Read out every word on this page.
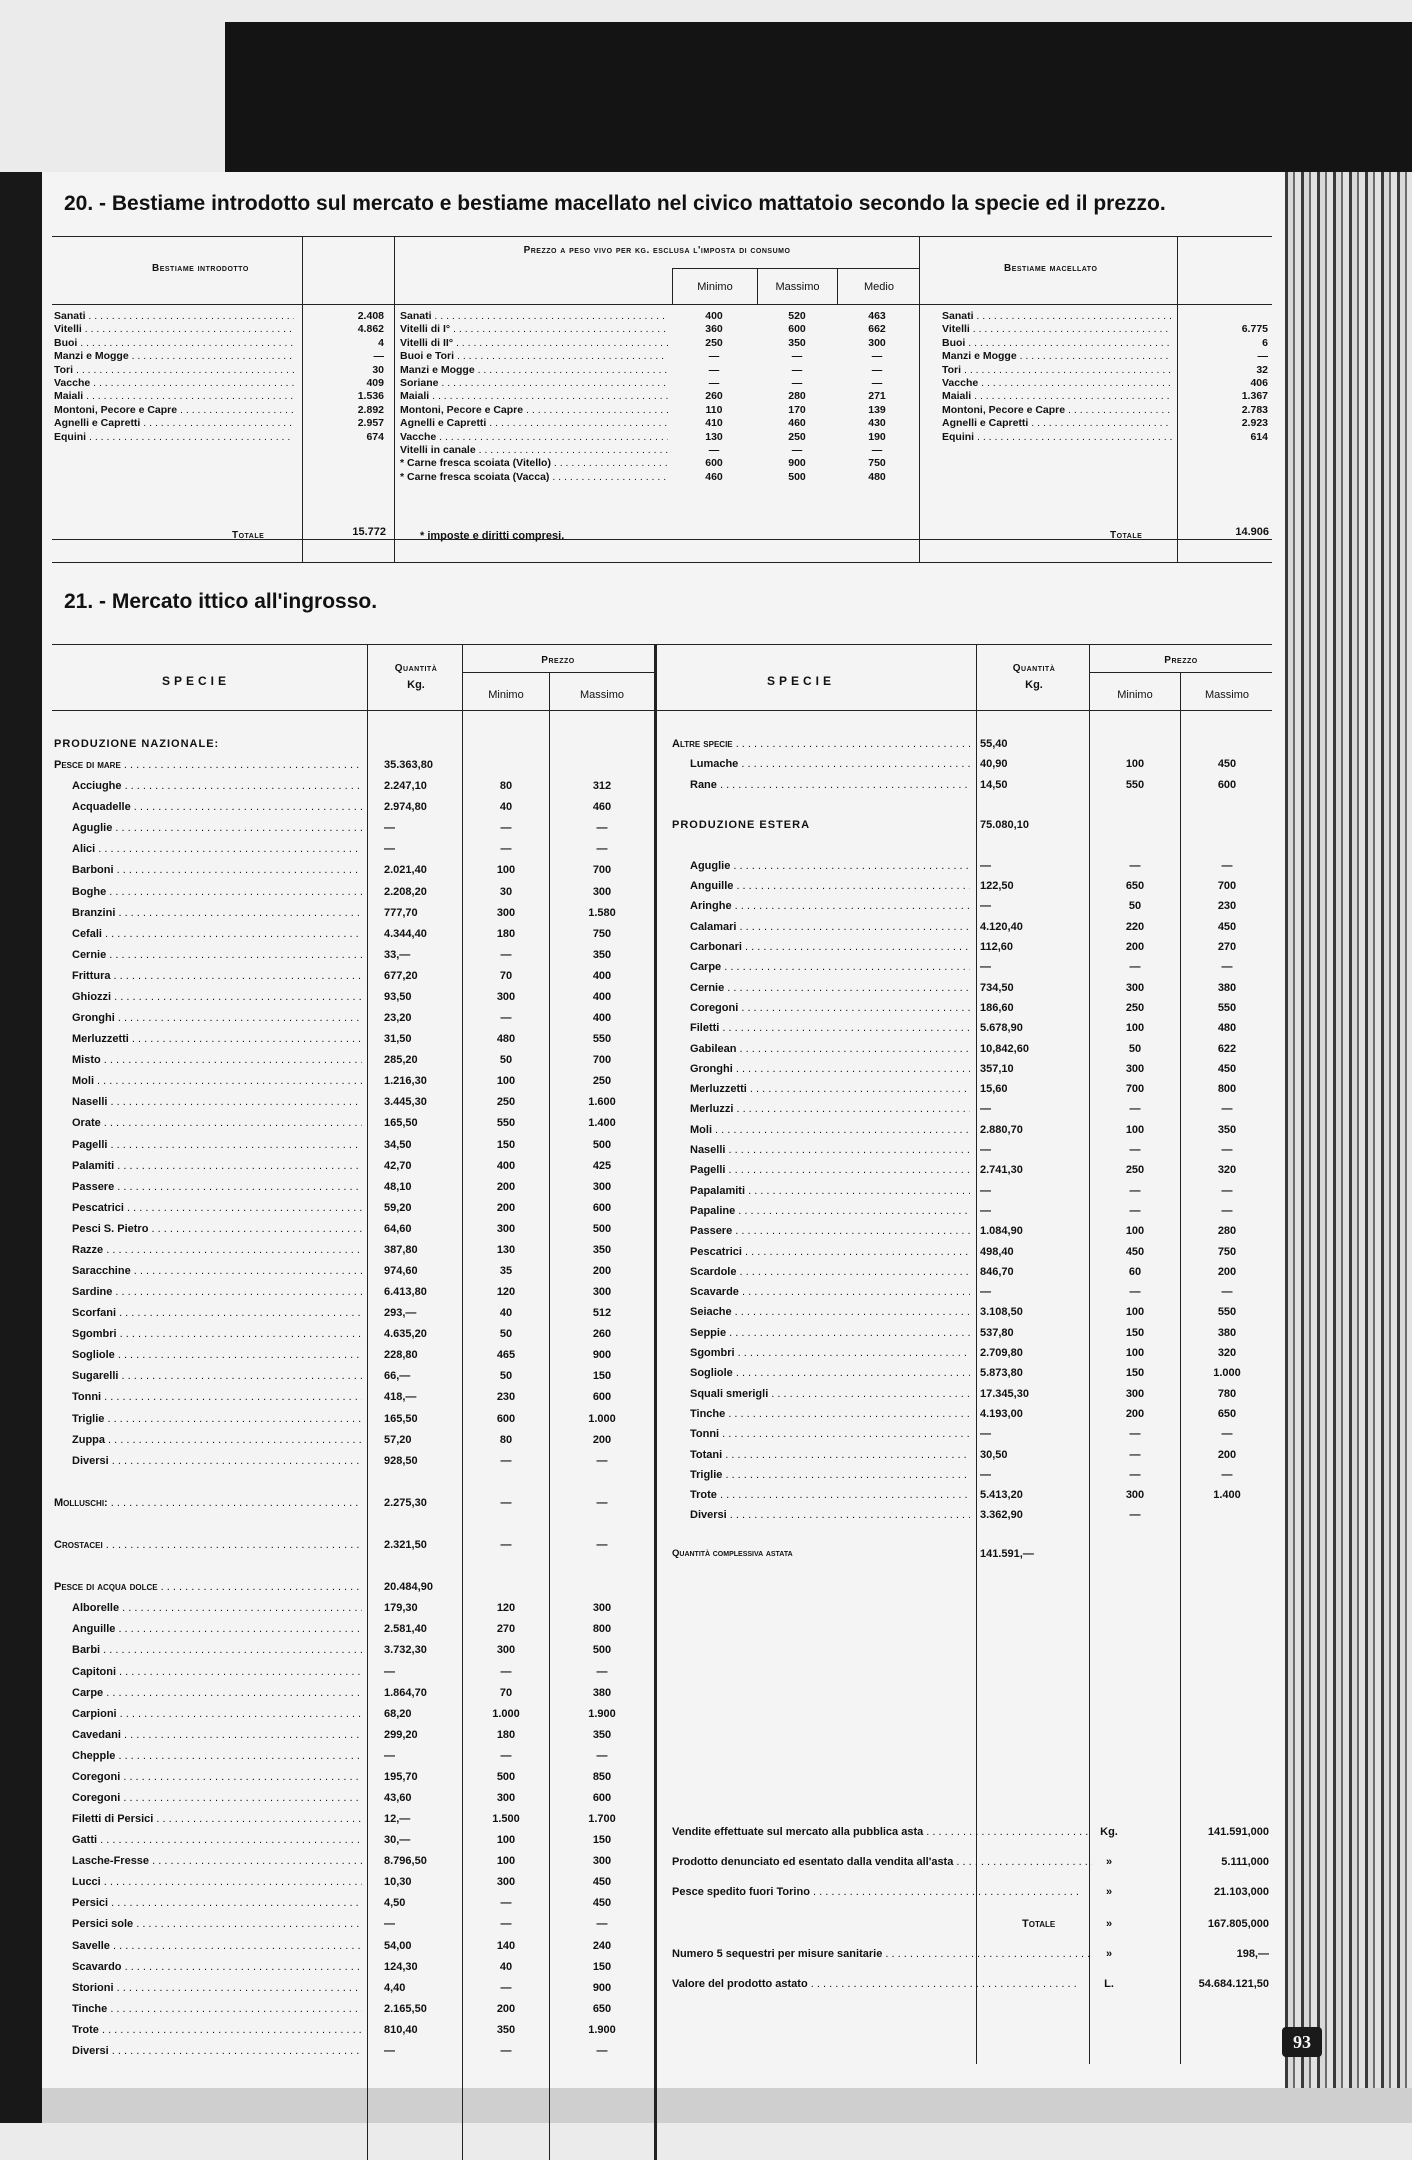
20. - Bestiame introdotto sul mercato e bestiame macellato nel civico mattatoio secondo la specie ed il prezzo.
Bestiame introdotto
Prezzo a peso vivo per kg. esclusa l'imposta di consumo
Minimo	Massimo	Medio
Bestiame macellato
Sanati . . .	2.408
Vitelli . . .	4.862
Buoi . . .	4
Manzi e Mogge . . .	—
Tori . . .	30
Vacche . . .	409
Maiali . . .	1.536
Montoni, Pecore e Capre . . .	2.892
Agnelli e Capretti . . .	2.957
Equini . . .	674
Sanati . . .	400	520	463
Vitelli di I° . . .	360	600	662
Vitelli di II° . . .	250	350	300
Buoi e Tori . . .	—	—	—
Manzi e Mogge . . .	—	—	—
Soriane . . .	—	—	—
Maiali . . .	260	280	271
Montoni, Pecore e Capre . . .	110	170	139
Agnelli e Capretti . . .	410	460	430
Vacche . . .	130	250	190
Vitelli in canale . . .	—	—	—
* Carne fresca scoiata (Vitello) . . .	600	900	750
* Carne fresca scoiata (Vacca) . . .	460	500	480
Sanati . . .
Vitelli . . .	6.775
Buoi . . .	6
Manzi e Mogge . . .	—
Tori . . .	32
Vacche . . .	406
Maiali . . .	1.367
Montoni, Pecore e Capre . . .	2.783
Agnelli e Capretti . . .	2.923
Equini . . .	614
Totale	15.772	* imposte e diritti compresi.	Totale	14.906
21. - Mercato ittico all'ingrosso.
SPECIE
Quantità
Kg.
Prezzo
Minimo	Massimo
SPECIE
Quantità
Kg.
Prezzo
Minimo	Massimo
PRODUZIONE NAZIONALE:
Pesce di mare . . .	35.363,80
Acciughe . . .	2.247,10	80	312
Acquadelle . . .	2.974,80	40	460
Aguglie . . .	—	—	—
Alici . . .	—	—	—
Barboni . . .	2.021,40	100	700
Boghe . . .	2.208,20	30	300
Branzini . . .	777,70	300	1.580
Cefali . . .	4.344,40	180	750
Cernie . . .	33,—	—	350
Frittura . . .	677,20	70	400
Ghiozzi . . .	93,50	300	400
Gronghi . . .	23,20	—	400
Merluzzetti . . .	31,50	480	550
Misto . . .	285,20	50	700
Moli . . .	1.216,30	100	250
Naselli . . .	3.445,30	250	1.600
Orate . . .	165,50	550	1.400
Pagelli . . .	34,50	150	500
Palamiti . . .	42,70	400	425
Passere . . .	48,10	200	300
Pescatrici . . .	59,20	200	600
Pesci S. Pietro . . .	64,60	300	500
Razze . . .	387,80	130	350
Saracchine . . .	974,60	35	200
Sardine . . .	6.413,80	120	300
Scorfani . . .	293,—	40	512
Sgombri . . .	4.635,20	50	260
Sogliole . . .	228,80	465	900
Sugarelli . . .	66,—	50	150
Tonni . . .	418,—	230	600
Triglie . . .	165,50	600	1.000
Zuppa . . .	57,20	80	200
Diversi . . .	928,50	—	—
Molluschi: . . .	2.275,30	—	—
Crostacei . . .	2.321,50	—	—
Pesce di acqua dolce . . .	20.484,90
Alborelle . . .	179,30	120	300
Anguille . . .	2.581,40	270	800
Barbi . . .	3.732,30	300	500
Capitoni . . .	—	—	—
Carpe . . .	1.864,70	70	380
Carpioni . . .	68,20	1.000	1.900
Cavedani . . .	299,20	180	350
Chepple . . .	—	—	—
Coregoni . . .	195,70	500	850
Coregoni . . .	43,60	300	600
Filetti di Persici . . .	12,—	1.500	1.700
Gatti . . .	30,—	100	150
Lasche-Fresse . . .	8.796,50	100	300
Lucci . . .	10,30	300	450
Persici . . .	4,50	—	450
Persici sole . . .	—	—	—
Savelle . . .	54,00	140	240
Scavardo . . .	124,30	40	150
Storioni . . .	4,40	—	900
Tinche . . .	2.165,50	200	650
Trote . . .	810,40	350	1.900
Diversi . . .	—	—	—
Altre specie . . .	55,40
Lumache . . .	40,90	100	450
Rane . . .	14,50	550	600
PRODUZIONE ESTERA	75.080,10
Aguglie . . .	—	—	—
Anguille . . .	122,50	650	700
Aringhe . . .	—	50	230
Calamari . . .	4.120,40	220	450
Carbonari . . .	112,60	200	270
Carpe . . .	—	—	—
Cernie . . .	734,50	300	380
Coregoni . . .	186,60	250	550
Filetti . . .	5.678,90	100	480
Gabilean . . .	10,842,60	50	622
Gronghi . . .	357,10	300	450
Merluzzetti . . .	15,60	700	800
Merluzzi . . .	—	—	—
Moli . . .	2.880,70	100	350
Naselli . . .	—	—	—
Pagelli . . .	2.741,30	250	320
Papalamiti . . .	—	—	—
Papaline . . .	—	—	—
Passere . . .	1.084,90	100	280
Pescatrici . . .	498,40	450	750
Scardole . . .	846,70	60	200
Scavarde . . .	—	—	—
Seiache . . .	3.108,50	100	550
Seppie . . .	537,80	150	380
Sgombri . . .	2.709,80	100	320
Sogliole . . .	5.873,80	150	1.000
Squali smerigli . . .	17.345,30	300	780
Tinche . . .	4.193,00	200	650
Tonni . . .	—	—	—
Totani . . .	30,50	—	200
Triglie . . .	—	—	—
Trote . . .	5.413,20	300	1.400
Diversi . . .	3.362,90	—
Quantità complessiva astata	141.591,—
Vendite effettuate sul mercato alla pubblica asta . . .	Kg.	141.591,000
Prodotto denunciato ed esentato dalla vendita all'asta . . .	»	5.111,000
Pesce spedito fuori Torino . . .	»	21.103,000
Totale	»	167.805,000
Numero 5 sequestri per misure sanitarie . . .	»	198,—
Valore del prodotto astato . . .	L.	54.684.121,50
93
